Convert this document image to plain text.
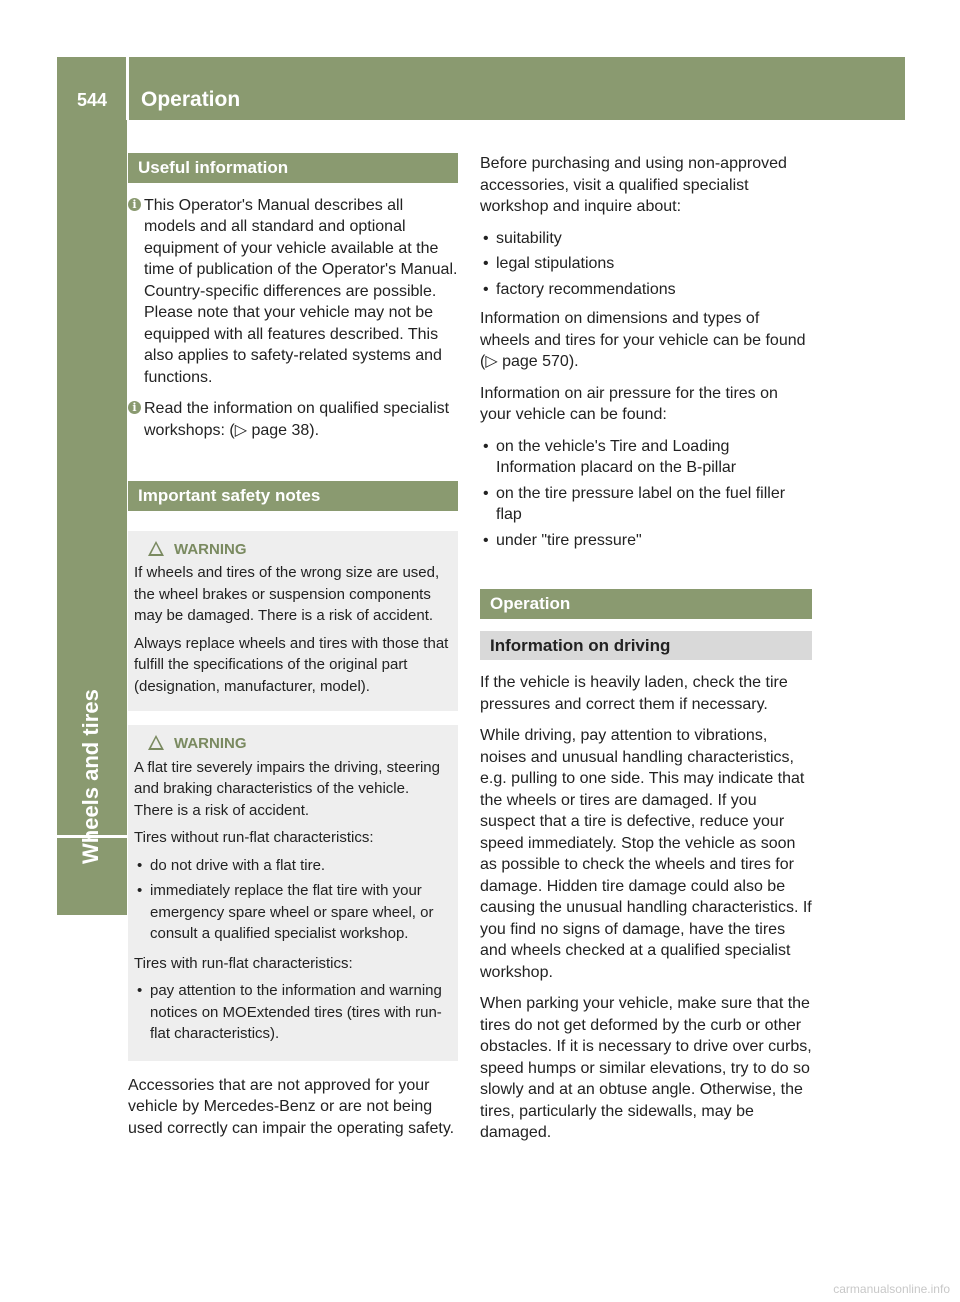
544	Operation
Wheels and tires
Useful information
i This Operator's Manual describes all models and all standard and optional equipment of your vehicle available at the time of publication of the Operator's Manual. Country-specific differences are possible. Please note that your vehicle may not be equipped with all features described. This also applies to safety-related systems and functions.
i Read the information on qualified specialist workshops: (▷ page 38).
Important safety notes
WARNING

If wheels and tires of the wrong size are used, the wheel brakes or suspension components may be damaged. There is a risk of accident.

Always replace wheels and tires with those that fulfill the specifications of the original part (designation, manufacturer, model).

WARNING

A flat tire severely impairs the driving, steering and braking characteristics of the vehicle. There is a risk of accident.

Tires without run-flat characteristics:

• do not drive with a flat tire.
• immediately replace the flat tire with your emergency spare wheel or spare wheel, or consult a qualified specialist workshop.

Tires with run-flat characteristics:

• pay attention to the information and warning notices on MOExtended tires (tires with run-flat characteristics).

Accessories that are not approved for your vehicle by Mercedes-Benz or are not being used correctly can impair the operating safety.

Before purchasing and using non-approved accessories, visit a qualified specialist workshop and inquire about:

• suitability
• legal stipulations
• factory recommendations

Information on dimensions and types of wheels and tires for your vehicle can be found (▷ page 570).

Information on air pressure for the tires on your vehicle can be found:

• on the vehicle's Tire and Loading Information placard on the B-pillar
• on the tire pressure label on the fuel filler flap
• under "tire pressure"
Operation
Information on driving

If the vehicle is heavily laden, check the tire pressures and correct them if necessary.

While driving, pay attention to vibrations, noises and unusual handling characteristics, e.g. pulling to one side. This may indicate that the wheels or tires are damaged. If you suspect that a tire is defective, reduce your speed immediately. Stop the vehicle as soon as possible to check the wheels and tires for damage. Hidden tire damage could also be causing the unusual handling characteristics. If you find no signs of damage, have the tires and wheels checked at a qualified specialist workshop.

When parking your vehicle, make sure that the tires do not get deformed by the curb or other obstacles. If it is necessary to drive over curbs, speed humps or similar elevations, try to do so slowly and at an obtuse angle. Otherwise, the tires, particularly the sidewalls, may be damaged.

carmanualsonline.info
